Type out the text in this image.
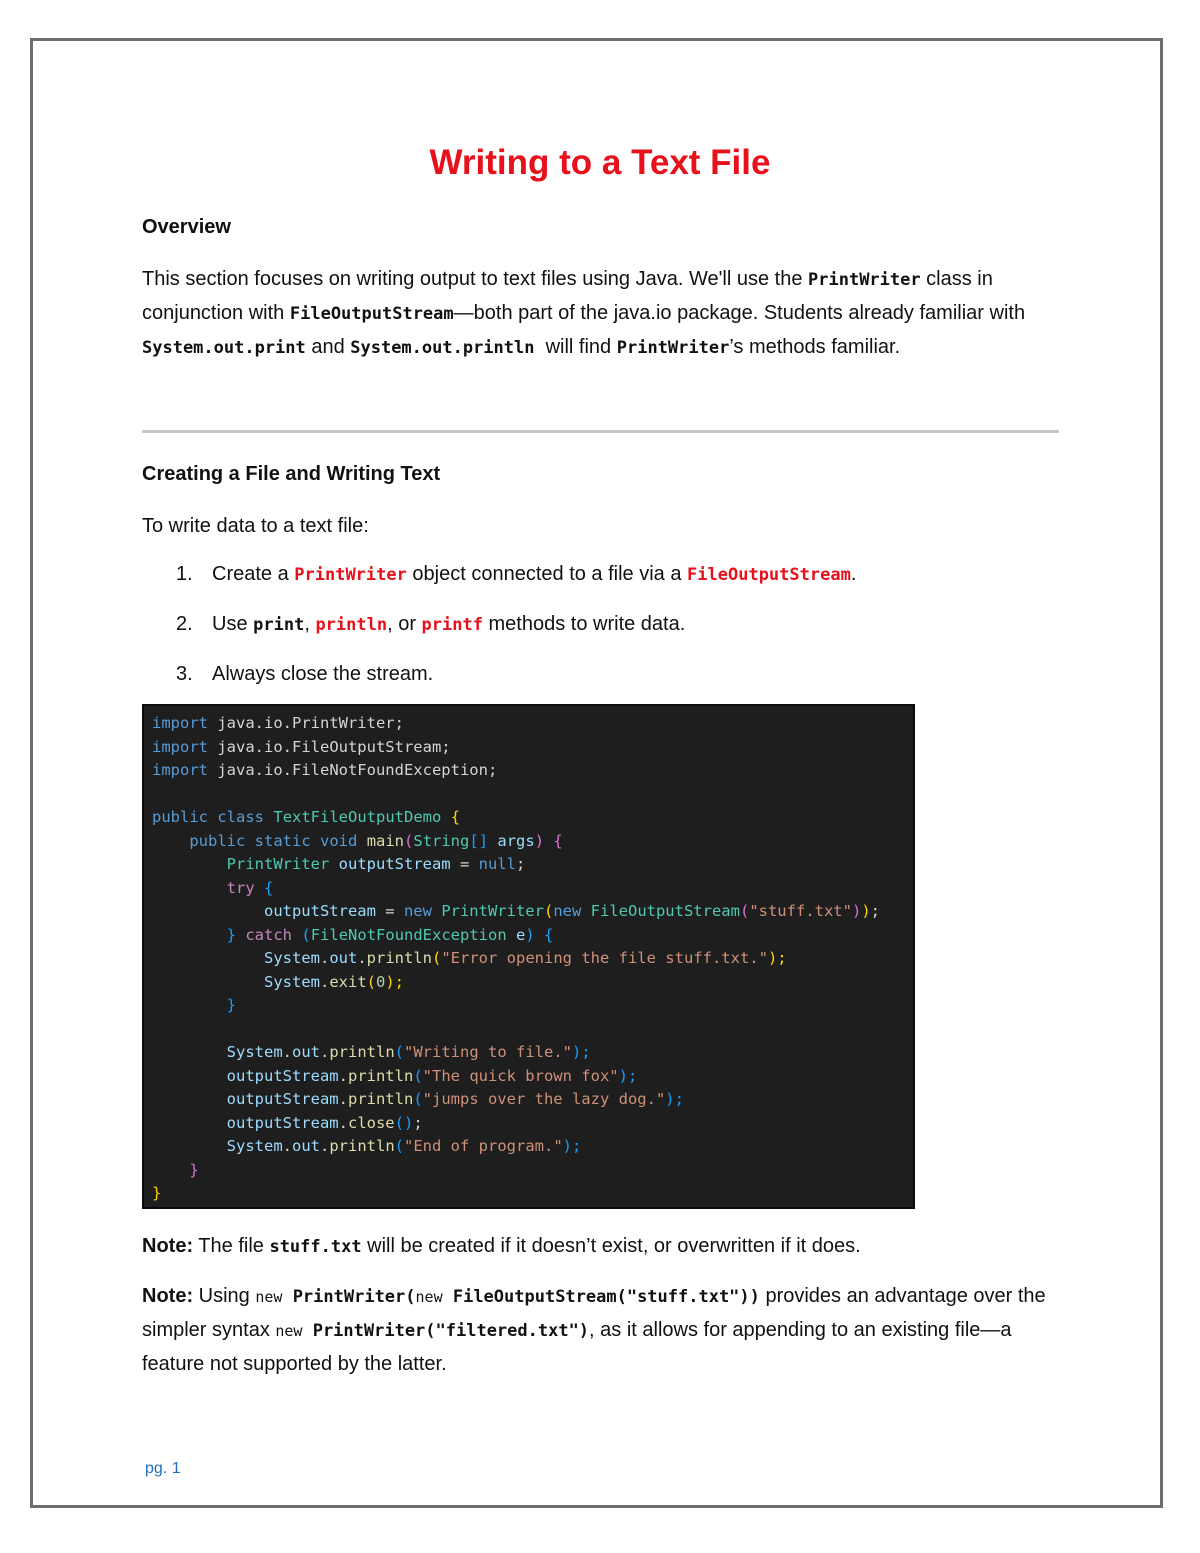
Writing to a Text File
Overview

This section focuses on writing output to text files using Java. We'll use the PrintWriter class in conjunction with FileOutputStream—both part of the java.io package. Students already familiar with System.out.print and System.out.println  will find PrintWriter’s methods familiar.

Creating a File and Writing Text

To write data to a text file:

1. Create a PrintWriter object connected to a file via a FileOutputStream.
2. Use print, println, or printf methods to write data.
3. Always close the stream.
import java.io.PrintWriter;
import java.io.FileOutputStream;
import java.io.FileNotFoundException;
public class TextFileOutputDemo {
public static void main(String[] args) {
PrintWriter outputStream = null;
try {
outputStream = new PrintWriter(new FileOutputStream("stuff.txt"));
} catch (FileNotFoundException e) {
System.out.println("Error opening the file stuff.txt.");
System.exit(0);
}
System.out.println("Writing to file.");
outputStream.println("The quick brown fox");
outputStream.println("jumps over the lazy dog.");
outputStream.close();
System.out.println("End of program.");
}
}

Note: The file stuff.txt will be created if it doesn’t exist, or overwritten if it does.

Note: Using new PrintWriter(new FileOutputStream("stuff.txt")) provides an advantage over the simpler syntax new PrintWriter("filtered.txt"), as it allows for appending to an existing file—a feature not supported by the latter.

pg. 1
